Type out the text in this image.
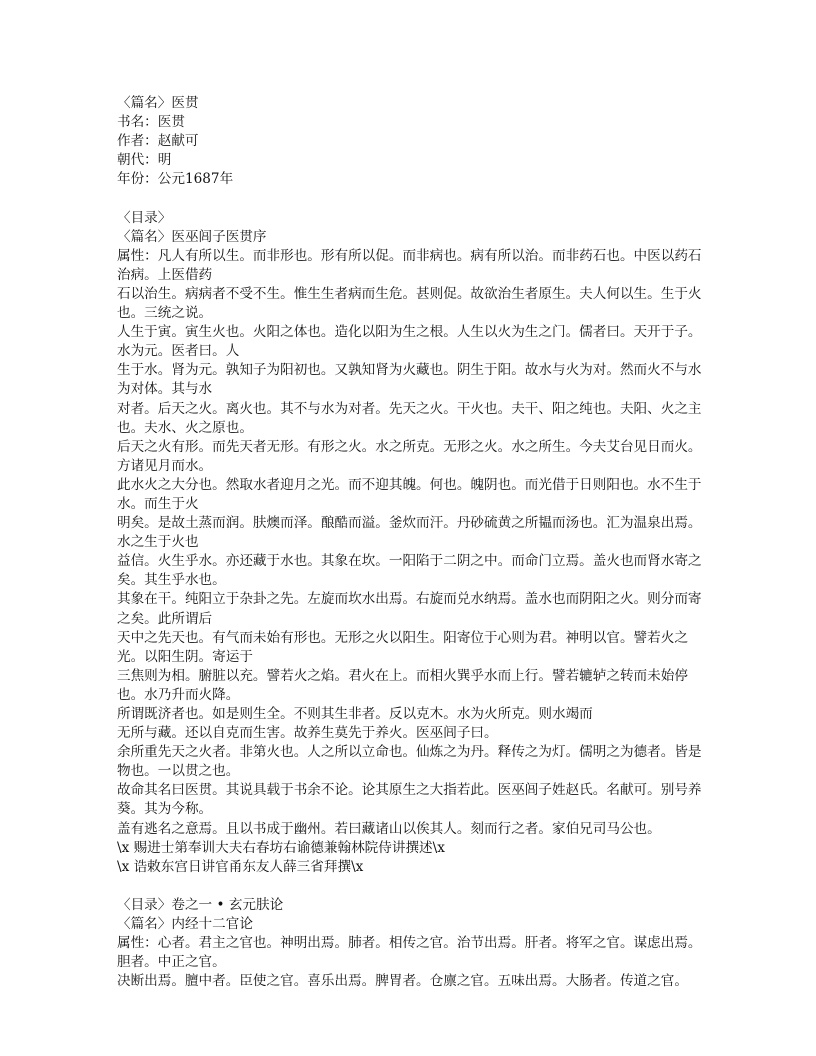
〈篇名〉医贯
书名：医贯
作者：赵献可
朝代：明
年份：公元1687年
〈目录〉
〈篇名〉医巫闾子医贯序
属性：凡人有所以生。而非形也。形有所以促。而非病也。病有所以治。而非药石也。中医以药石治病。上医借药
石以治生。病病者不受不生。惟生生者病而生危。甚则促。故欲治生者原生。夫人何以生。生于火也。三统之说。
人生于寅。寅生火也。火阳之体也。造化以阳为生之根。人生以火为生之门。儒者曰。天开于子。水为元。医者曰。人
生于水。肾为元。孰知子为阳初也。又孰知肾为火藏也。阴生于阳。故水与火为对。然而火不与水为对体。其与水
对者。后天之火。离火也。其不与水为对者。先天之火。干火也。夫干、阳之纯也。夫阳、火之主也。夫水、火之原也。
后天之火有形。而先天者无形。有形之火。水之所克。无形之火。水之所生。今夫艾台见日而火。方诸见月而水。
此水火之大分也。然取水者迎月之光。而不迎其魄。何也。魄阴也。而光借于日则阳也。水不生于水。而生于火
明矣。是故土蒸而润。肤燠而泽。酿酷而溢。釜炊而汗。丹砂硫黄之所韫而汤也。汇为温泉出焉。水之生于火也
益信。火生乎水。亦还藏于水也。其象在坎。一阳陷于二阴之中。而命门立焉。盖火也而肾水寄之矣。其生乎水也。
其象在干。纯阳立于杂卦之先。左旋而坎水出焉。右旋而兑水纳焉。盖水也而阴阳之火。则分而寄之矣。此所谓后
天中之先天也。有气而未始有形也。无形之火以阳生。阳寄位于心则为君。神明以官。譬若火之光。以阳生阴。寄运于
三焦则为相。腑脏以充。譬若火之焰。君火在上。而相火巽乎水而上行。譬若辘轳之转而未始停也。水乃升而火降。
所谓既济者也。如是则生全。不则其生非者。反以克木。水为火所克。则水竭而
无所与藏。还以自克而生害。故养生莫先于养火。医巫闾子曰。
余所重先天之火者。非第火也。人之所以立命也。仙炼之为丹。释传之为灯。儒明之为德者。皆是物也。一以贯之也。
故命其名曰医贯。其说具载于书余不论。论其原生之大指若此。医巫闾子姓赵氏。名献可。别号养葵。其为今称。
盖有逃名之意焉。且以书成于幽州。若曰藏诸山以俟其人。刻而行之者。家伯兄司马公也。
\x 赐进士第奉训大夫右春坊右谕德兼翰林院侍讲撰述\x
\x 诰敕东宫日讲官甬东友人薛三省拜撰\x
〈目录〉卷之一 • 玄元肤论
〈篇名〉内经十二官论
属性：心者。君主之官也。神明出焉。肺者。相传之官。治节出焉。肝者。将军之官。谋虑出焉。胆者。中正之官。
决断出焉。膻中者。臣使之官。喜乐出焉。脾胃者。仓廪之官。五味出焉。大肠者。传道之官。
